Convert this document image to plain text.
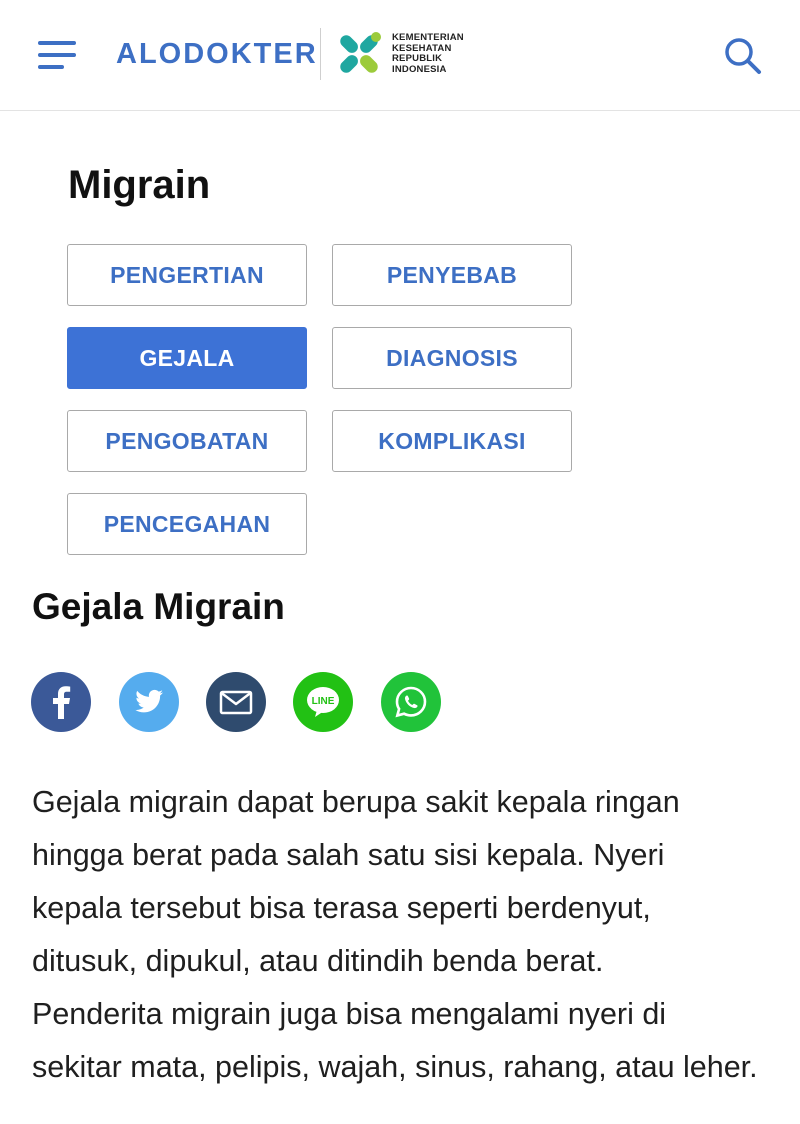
ALODOKTER
KEMENTERIAN
KESEHATAN
REPUBLIK
INDONESIA
Migrain
PENGERTIAN	PENYEBAB
GEJALA	DIAGNOSIS
PENGOBATAN	KOMPLIKASI
PENCEGAHAN
Gejala Migrain
LINE
Gejala migrain dapat berupa sakit kepala ringan
hingga berat pada salah satu sisi kepala. Nyeri
kepala tersebut bisa terasa seperti berdenyut,
ditusuk, dipukul, atau ditindih benda berat.
Penderita migrain juga bisa mengalami nyeri di
sekitar mata, pelipis, wajah, sinus, rahang, atau leher.
